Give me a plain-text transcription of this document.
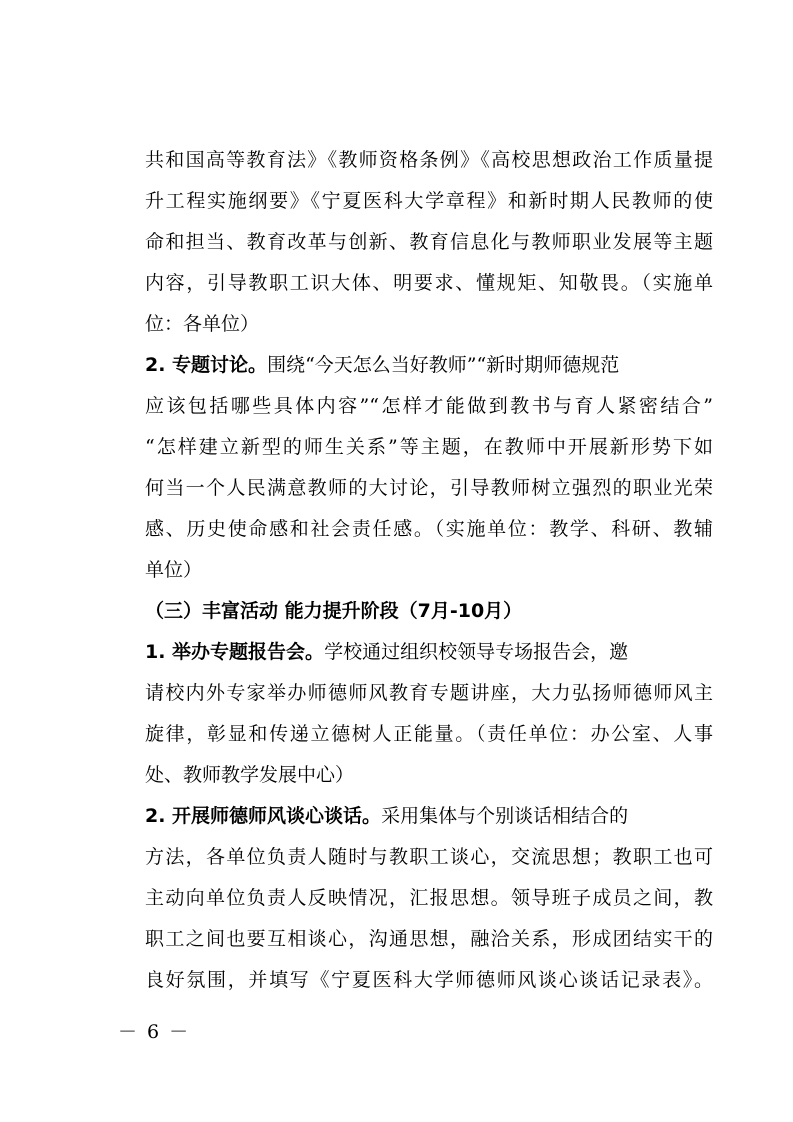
共和国高等教育法》《教师资格条例》《高校思想政治工作质量提
升工程实施纲要》《宁夏医科大学章程》和新时期人民教师的使
命和担当、教育改革与创新、教育信息化与教师职业发展等主题
内容，引导教职工识大体、明要求、懂规矩、知敬畏。（实施单
位：各单位）
2. 专题讨论。围绕“今天怎么当好教师”“新时期师德规范
应该包括哪些具体内容”“怎样才能做到教书与育人紧密结合”
“怎样建立新型的师生关系”等主题，在教师中开展新形势下如
何当一个人民满意教师的大讨论，引导教师树立强烈的职业光荣
感、历史使命感和社会责任感。（实施单位：教学、科研、教辅
单位）
（三）丰富活动 能力提升阶段（7月-10月）
1. 举办专题报告会。学校通过组织校领导专场报告会，邀
请校内外专家举办师德师风教育专题讲座，大力弘扬师德师风主
旋律，彰显和传递立德树人正能量。（责任单位：办公室、人事
处、教师教学发展中心）
2. 开展师德师风谈心谈话。采用集体与个别谈话相结合的
方法，各单位负责人随时与教职工谈心，交流思想；教职工也可
主动向单位负责人反映情况，汇报思想。领导班子成员之间，教
职工之间也要互相谈心，沟通思想，融洽关系，形成团结实干的
良好氛围，并填写《宁夏医科大学师德师风谈心谈话记录表》。
－ 6 －
